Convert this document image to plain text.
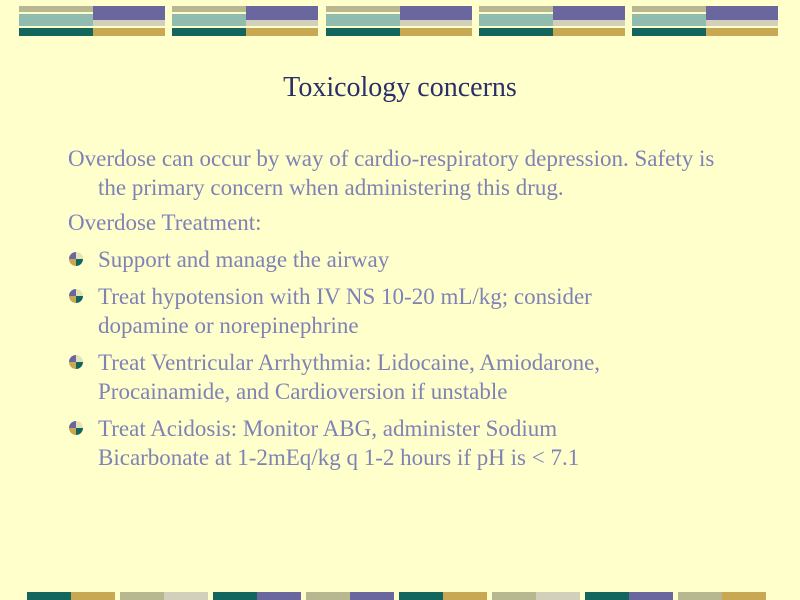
Toxicology concerns

Overdose can occur by way of cardio-respiratory depression. Safety is the primary concern when administering this drug.

Overdose Treatment:

Support and manage the airway
Treat hypotension with IV NS 10-20 mL/kg; consider
dopamine or norepinephrine
Treat Ventricular Arrhythmia: Lidocaine, Amiodarone,
Procainamide, and Cardioversion if unstable
Treat Acidosis: Monitor ABG, administer Sodium
Bicarbonate at 1-2mEq/kg q 1-2 hours if pH is < 7.1
